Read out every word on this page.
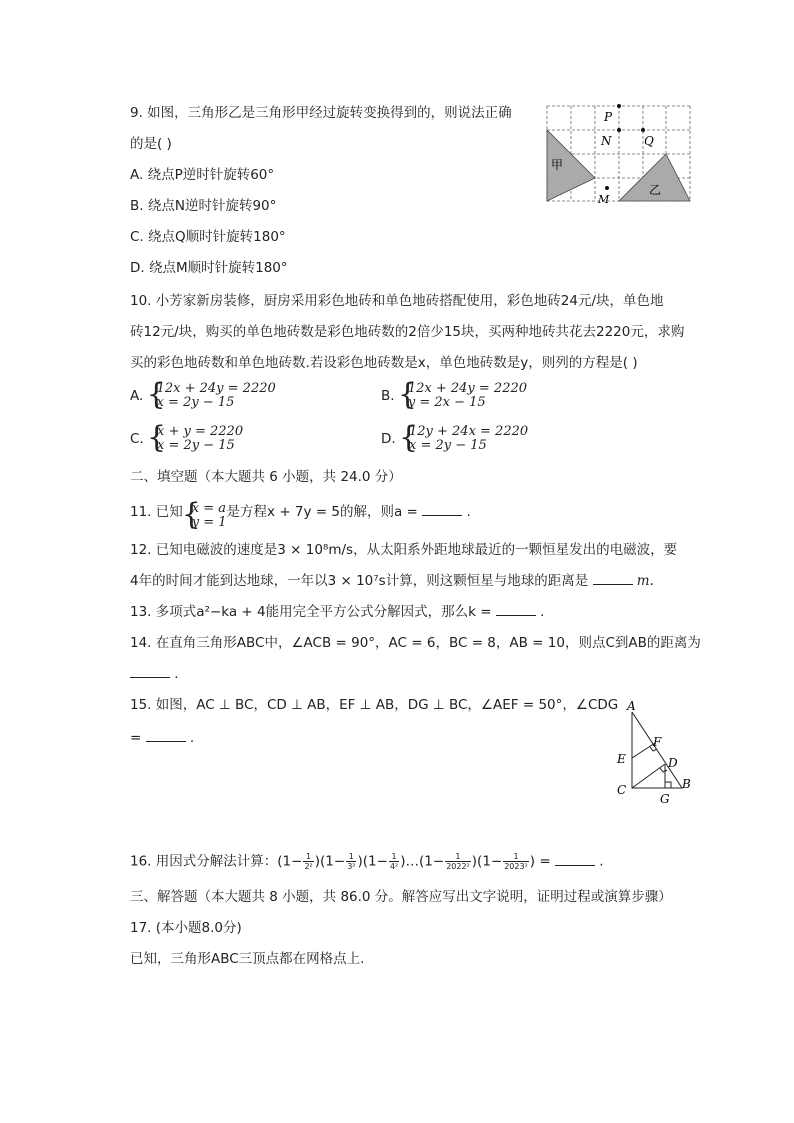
9. 如图，三角形乙是三角形甲经过旋转变换得到的，则说法正确
的是( )
A. 绕点P逆时针旋转60°
B. 绕点N逆时针旋转90°
C. 绕点Q顺时针旋转180°
D. 绕点M顺时针旋转180°
P
N	Q
M
甲
乙
10. 小芳家新房装修，厨房采用彩色地砖和单色地砖搭配使用，彩色地砖24元/块，单色地
砖12元/块，购买的单色地砖数是彩色地砖数的2倍少15块，买两种地砖共花去2220元，求购
买的彩色地砖数和单色地砖数.若设彩色地砖数是x，单色地砖数是y，则列的方程是( )
A. {
12x + 24y = 2220
x = 2y − 15	B. {
12x + 24y = 2220
y = 2x − 15
C. {
x + y = 2220
x = 2y − 15	D. {
12y + 24x = 2220
x = 2y − 15
二、填空题（本大题共 6 小题，共 24.0 分）
11. 已知 {
x = a
y = 1
是方程x + 7y = 5的解，则a =	.
12. 已知电磁波的速度是3 × 10⁸m/s，从太阳系外距地球最近的一颗恒星发出的电磁波，要
4年的时间才能到达地球，一年以3 × 10⁷s计算，则这颗恒星与地球的距离是	m.
13. 多项式a²−ka + 4能用完全平方公式分解因式，那么k =	.
14. 在直角三角形ABC中，∠ACB = 90°，AC = 6，BC = 8，AB = 10，则点C到AB的距离为
.
15. 如图，AC ⊥ BC，CD ⊥ AB，EF ⊥ AB，DG ⊥ BC，∠AEF = 50°，∠CDG
=	.
A
F
E	D
B
C
G
16. 用因式分解法计算：$(1- \frac{1}{\text{2²}} )(1- \frac{1}{\text{3²}} )(1- \frac{1}{\text{4²}}$ )…(1− $\frac{1}{\text{2022²}} )(1- \frac{1}{\text{2023²}}$ ) =	.
三、解答题（本大题共 8 小题，共 86.0 分。解答应写出文字说明，证明过程或演算步骤）
17. (本小题8.0分)
已知，三角形ABC三顶点都在网格点上.
